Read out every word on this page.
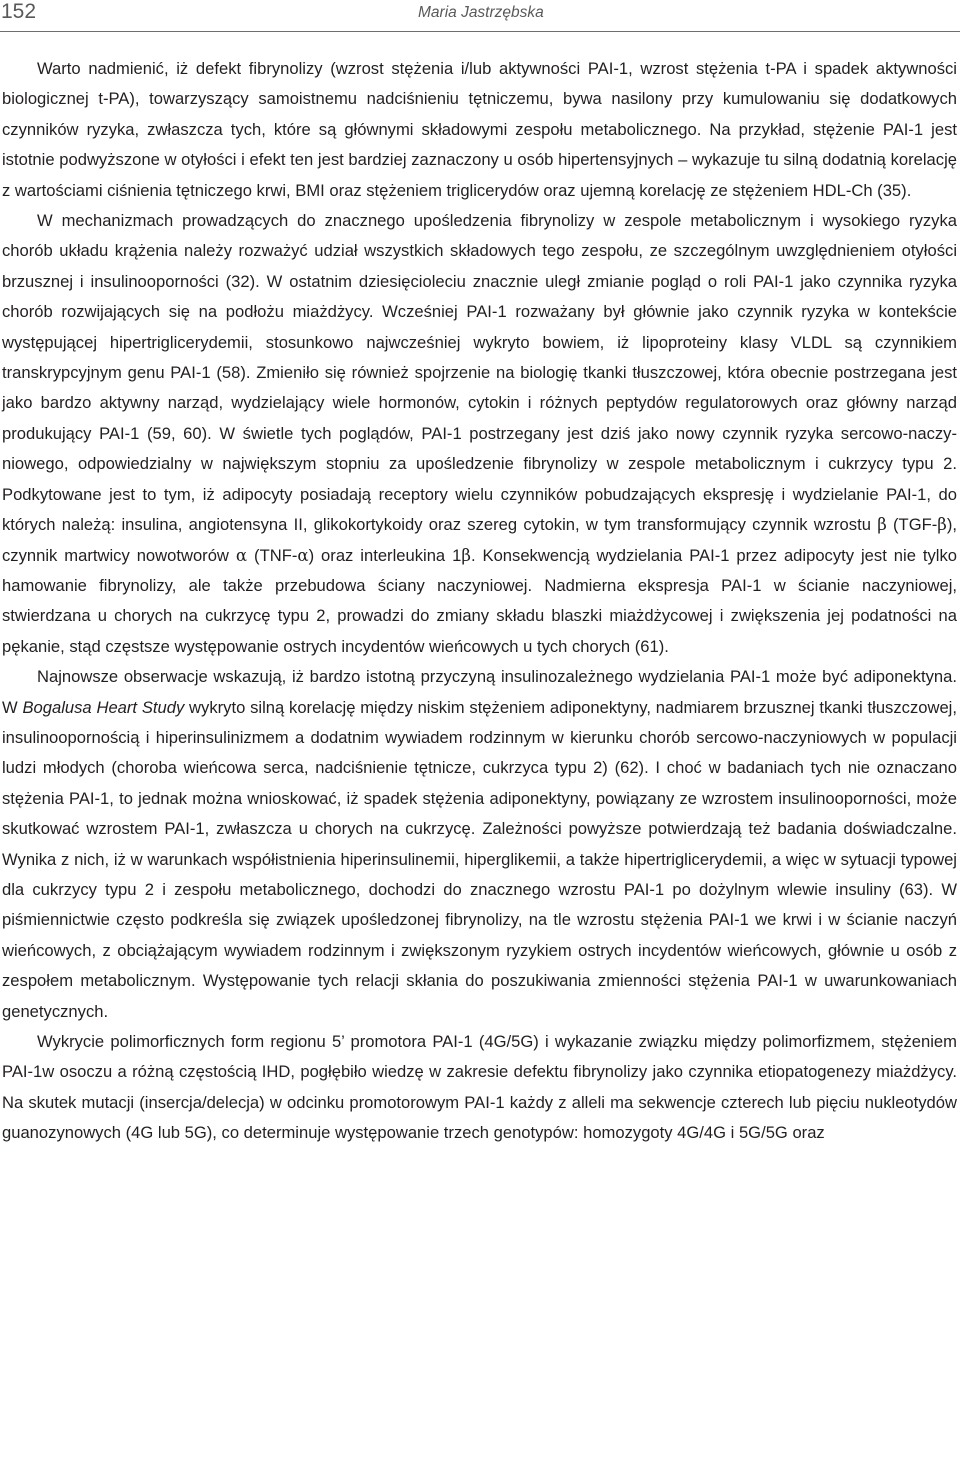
152	Maria Jastrzębska

Warto nadmienić, iż defekt fibrynolizy (wzrost stężenia i/lub aktywności PAI-1, wzrost stężenia t-PA i spadek aktywności biologicznej t-PA), towarzyszący samoistnemu nadciśnieniu tętniczemu, bywa nasilony przy kumulowaniu się dodatkowych czynników ryzyka, zwłaszcza tych, które są głównymi składowymi zespołu metabolicznego. Na przykład, stężenie PAI-1 jest istotnie podwyższone w otyłości i efekt ten jest bardziej zaznaczony u osób hipertensyjnych – wykazuje tu silną dodatnią korelację z wartościami ciśnienia tętniczego krwi, BMI oraz stężeniem triglicerydów oraz ujemną korelację ze stężeniem HDL-Ch (35).

W mechanizmach prowadzących do znacznego upośledzenia fibrynolizy w zespole metabolicznym i wysokiego ryzyka chorób układu krążenia należy rozważyć udział wszystkich składowych tego zespołu, ze szczególnym uwzględnieniem otyłości brzusznej i insulinooporności (32). W ostatnim dziesięcioleciu znacznie uległ zmianie pogląd o roli PAI-1 jako czynnika ryzyka chorób rozwijających się na podłożu miażdżycy. Wcześniej PAI-1 rozważany był głównie jako czynnik ryzyka w kontekście występującej hipertriglicerydemii, stosunkowo najwcześniej wykryto bowiem, iż lipoproteiny klasy VLDL są czynnikiem transkrypcyjnym genu PAI-1 (58). Zmieniło się również spojrzenie na biologię tkanki tłuszczowej, która obecnie postrzegana jest jako bardzo aktywny narząd, wydzielający wiele hormonów, cytokin i różnych peptydów regulatorowych oraz główny narząd produkujący PAI-1 (59, 60). W świetle tych poglądów, PAI-1 postrzegany jest dziś jako nowy czynnik ryzyka sercowo-naczyniowego, odpowiedzialny w największym stopniu za upośledzenie fibrynolizy w zespole metabolicznym i cukrzycy typu 2. Podkytowane jest to tym, iż adipocyty posiadają receptory wielu czynników pobudzających ekspresję i wydzielanie PAI-1, do których należą: insulina, angiotensyna II, glikokortykoidy oraz szereg cytokin, w tym transformujący czynnik wzrostu β (TGF-β), czynnik martwicy nowotworów α (TNF-α) oraz interleukina 1β. Konsekwencją wydzielania PAI-1 przez adipocyty jest nie tylko hamowanie fibrynolizy, ale także przebudowa ściany naczyniowej. Nadmierna ekspresja PAI-1 w ścianie naczyniowej, stwierdzana u chorych na cukrzycę typu 2, prowadzi do zmiany składu blaszki miażdżycowej i zwiększenia jej podatności na pękanie, stąd częstsze występowanie ostrych incydentów wieńcowych u tych chorych (61).

Najnowsze obserwacje wskazują, iż bardzo istotną przyczyną insulinozależnego wydzielania PAI-1 może być adiponektyna. W Bogalusa Heart Study wykryto silną korelację między niskim stężeniem adiponektyny, nadmiarem brzusznej tkanki tłuszczowej, insulinoopornością i hiperinsulinizmem a dodatnim wywiadem rodzinnym w kierunku chorób sercowo-naczyniowych w populacji ludzi młodych (choroba wieńcowa serca, nadciśnienie tętnicze, cukrzyca typu 2) (62). I choć w badaniach tych nie oznaczano stężenia PAI-1, to jednak można wnioskować, iż spadek stężenia adiponektyny, powiązany ze wzrostem insulinooporności, może skutkować wzrostem PAI-1, zwłaszcza u chorych na cukrzycę. Zależności powyższe potwierdzają też badania doświadczalne. Wynika z nich, iż w warunkach współistnienia hiperinsulinemii, hiperglikemii, a także hipertriglicerydemii, a więc w sytuacji typowej dla cukrzycy typu 2 i zespołu metabolicznego, dochodzi do znacznego wzrostu PAI-1 po dożylnym wlewie insuliny (63). W piśmiennictwie często podkreśla się związek upośledzonej fibrynolizy, na tle wzrostu stężenia PAI-1 we krwi i w ścianie naczyń wieńcowych, z obciążającym wywiadem rodzinnym i zwiększonym ryzykiem ostrych incydentów wieńcowych, głównie u osób z zespołem metabolicznym. Występowanie tych relacji skłania do poszukiwania zmienności stężenia PAI-1 w uwarunkowaniach genetycznych.

Wykrycie polimorficznych form regionu 5’ promotora PAI-1 (4G/5G) i wykazanie związku między polimorfizmem, stężeniem PAI-1w osoczu a różną częstością IHD, pogłębiło wiedzę w zakresie defektu fibrynolizy jako czynnika etiopatogenezy miażdżycy. Na skutek mutacji (insercja/delecja) w odcinku promotorowym PAI-1 każdy z alleli ma sekwencje czterech lub pięciu nukleotydów guanozynowych (4G lub 5G), co determinuje występowanie trzech genotypów: homozygoty 4G/4G i 5G/5G oraz
